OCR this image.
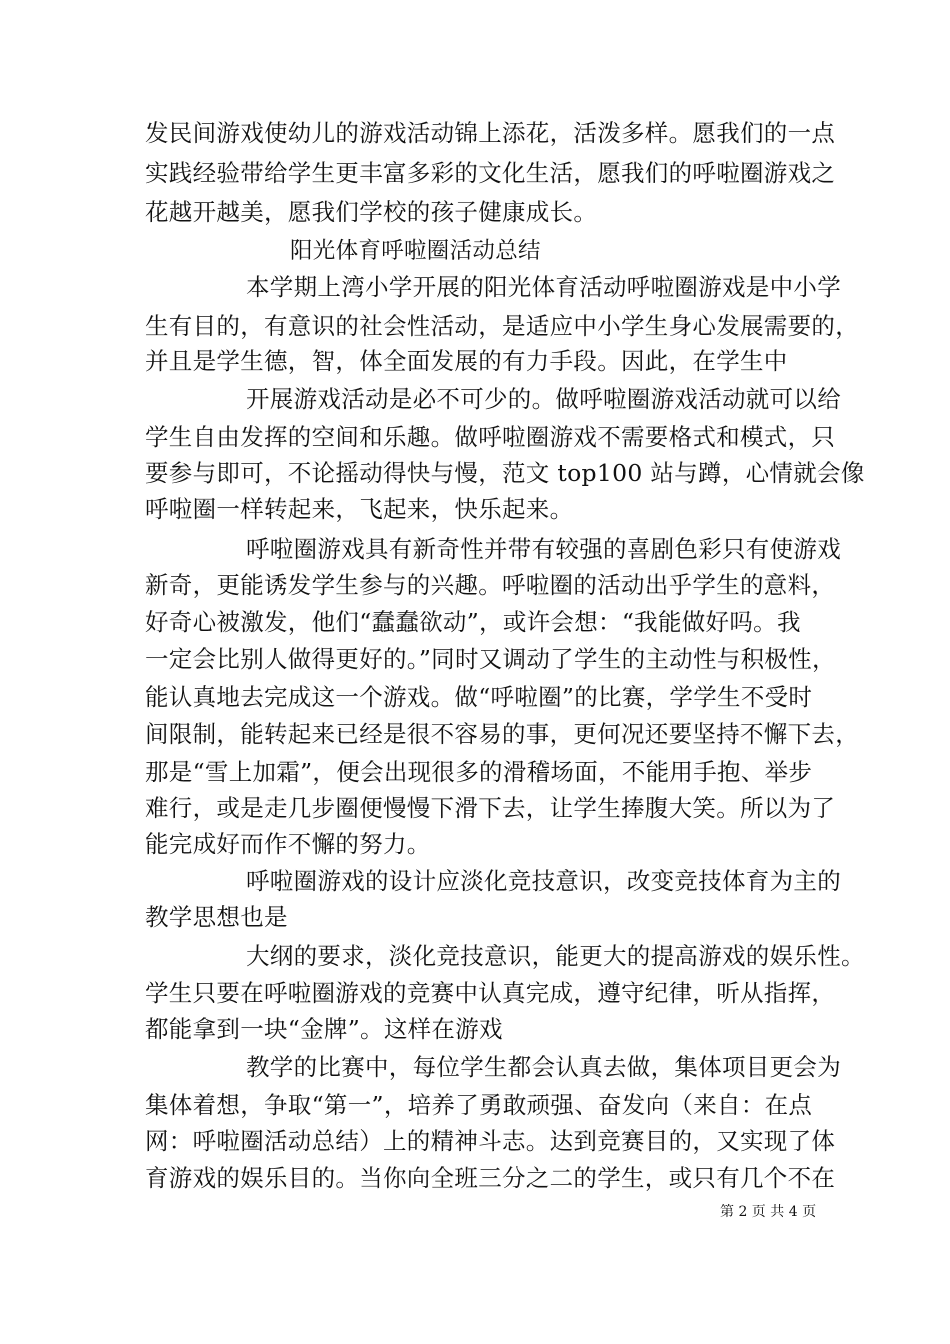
发民间游戏使幼儿的游戏活动锦上添花，活泼多样。愿我们的一点
实践经验带给学生更丰富多彩的文化生活，愿我们的呼啦圈游戏之
花越开越美，愿我们学校的孩子健康成长。
阳光体育呼啦圈活动总结
本学期上湾小学开展的阳光体育活动呼啦圈游戏是中小学
生有目的，有意识的社会性活动，是适应中小学生身心发展需要的，
并且是学生德，智，体全面发展的有力手段。因此，在学生中
开展游戏活动是必不可少的。做呼啦圈游戏活动就可以给
学生自由发挥的空间和乐趣。做呼啦圈游戏不需要格式和模式，只
要参与即可，不论摇动得快与慢，范文 top100 站与蹲，心情就会像
呼啦圈一样转起来，飞起来，快乐起来。
呼啦圈游戏具有新奇性并带有较强的喜剧色彩只有使游戏
新奇，更能诱发学生参与的兴趣。呼啦圈的活动出乎学生的意料，
好奇心被激发，他们“蠢蠢欲动”，或许会想：“我能做好吗。我
一定会比别人做得更好的。”同时又调动了学生的主动性与积极性，
能认真地去完成这一个游戏。做“呼啦圈”的比赛，学学生不受时
间限制，能转起来已经是很不容易的事，更何况还要坚持不懈下去，
那是“雪上加霜”，便会出现很多的滑稽场面，不能用手抱、举步
难行，或是走几步圈便慢慢下滑下去，让学生捧腹大笑。所以为了
能完成好而作不懈的努力。
呼啦圈游戏的设计应淡化竞技意识，改变竞技体育为主的
教学思想也是
大纲的要求，淡化竞技意识，能更大的提高游戏的娱乐性。
学生只要在呼啦圈游戏的竞赛中认真完成，遵守纪律，听从指挥，
都能拿到一块“金牌”。这样在游戏
教学的比赛中，每位学生都会认真去做，集体项目更会为
集体着想，争取“第一”，培养了勇敢顽强、奋发向（来自：在点
网：呼啦圈活动总结）上的精神斗志。达到竞赛目的，又实现了体
育游戏的娱乐目的。当你向全班三分之二的学生，或只有几个不在
第 2 页 共 4 页
